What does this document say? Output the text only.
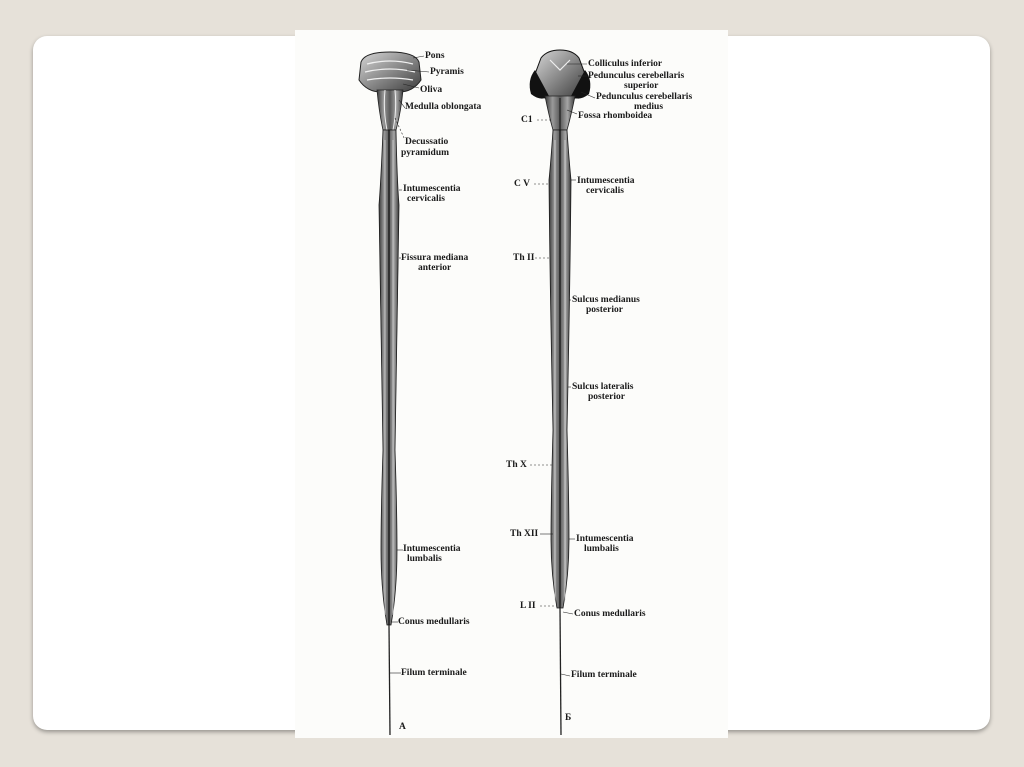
Pons
Pyramis
Oliva
Medulla oblongata
Decussatio
pyramidum
Intumescentia
cervicalis
Fissura mediana
anterior
Intumescentia
lumbalis
Conus medullaris
Filum terminale
A
Colliculus inferior
Pedunculus cerebellaris
superior
Pedunculus cerebellaris
medius
Fossa rhomboidea
Intumescentia
cervicalis
Sulcus medianus
posterior
Sulcus lateralis
posterior
Intumescentia
lumbalis
Conus medullaris
Filum terminale
Б
C1
C V
Th II
Th X
Th XII
L II
